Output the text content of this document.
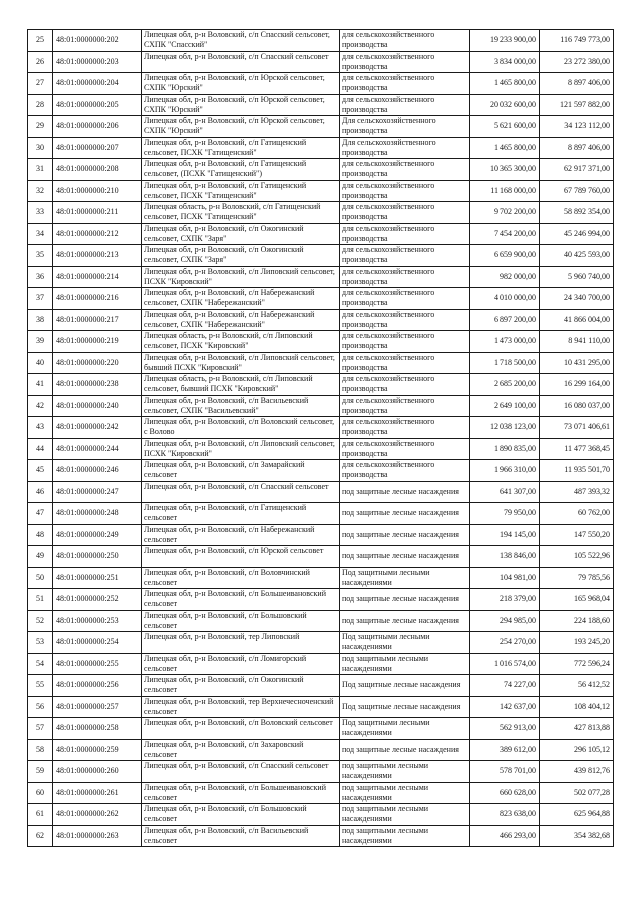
25	48:01:0000000:202	Липецкая обл, р-н Воловский, с/п Спасский сельсовет, СХПК "Спасский"	для сельскохозяйственного производства	19 233 900,00	116 749 773,00
26	48:01:0000000:203	Липецкая обл, р-н Воловский, с/п Спасский сельсовет	для сельскохозяйственного производства	3 834 000,00	23 272 380,00
27	48:01:0000000:204	Липецкая обл, р-н Воловский, с/п Юрской сельсовет, СХПК "Юрский"	для сельскохозяйственного производства	1 465 800,00	8 897 406,00
28	48:01:0000000:205	Липецкая обл, р-н Воловский, с/п Юрской сельсовет, СХПК "Юрский"	для сельскохозяйственного производства	20 032 600,00	121 597 882,00
29	48:01:0000000:206	Липецкая обл, р-н Воловский, с/п Юрской сельсовет, СХПК "Юрский"	Для сельскохозяйственного производства	5 621 600,00	34 123 112,00
30	48:01:0000000:207	Липецкая обл, р-н Воловский, с/п Гатищенский сельсовет, ПСХК "Гатищенский"	Для сельскохозяйственного производства	1 465 800,00	8 897 406,00
31	48:01:0000000:208	Липецкая обл, р-н Воловский, с/п Гатищенский сельсовет, (ПСХК "Гатищенский")	для сельскохозяйственного производства	10 365 300,00	62 917 371,00
32	48:01:0000000:210	Липецкая обл, р-н Воловский, с/п Гатищенский сельсовет, ПСХК "Гатищенский"	для сельскохозяйственного производства	11 168 000,00	67 789 760,00
33	48:01:0000000:211	Липецкая область, р-н Воловский, с/п Гатищенский сельсовет, ПСХК "Гатищенский"	для сельскохозяйственного производства	9 702 200,00	58 892 354,00
34	48:01:0000000:212	Липецкая обл, р-н Воловский, с/п Ожогинский сельсовет, СХПК "Заря"	для сельскохозяйственного производства	7 454 200,00	45 246 994,00
35	48:01:0000000:213	Липецкая обл, р-н Воловский, с/п Ожогинский сельсовет, СХПК "Заря"	для сельскохозяйственного производства	6 659 900,00	40 425 593,00
36	48:01:0000000:214	Липецкая обл, р-н Воловский, с/п Липовский сельсовет, ПСХК "Кировский"	для сельскохозяйственного производства	982 000,00	5 960 740,00
37	48:01:0000000:216	Липецкая обл, р-н Воловский, с/п Набережанский сельсовет, СХПК "Набережанский"	для сельскохозяйственного производства	4 010 000,00	24 340 700,00
38	48:01:0000000:217	Липецкая обл, р-н Воловский, с/п Набережанский сельсовет, СХПК "Набережанский"	для сельскохозяйственного производства	6 897 200,00	41 866 004,00
39	48:01:0000000:219	Липецкая область, р-н Воловский, с/п Липовский сельсовет, ПСХК "Кировский"	для сельскохозяйственного производства	1 473 000,00	8 941 110,00
40	48:01:0000000:220	Липецкая обл, р-н Воловский, с/п Липовский сельсовет, бывший ПСХК "Кировский"	для сельскохозяйственного производства	1 718 500,00	10 431 295,00
41	48:01:0000000:238	Липецкая область, р-н Воловский, с/п Липовский сельсовет, бывший ПСХК "Кировский"	для сельскохозяйственного производства	2 685 200,00	16 299 164,00
42	48:01:0000000:240	Липецкая обл, р-н Воловский, с/п Васильевский сельсовет, СХПК "Васильевский"	для сельскохозяйственного производства	2 649 100,00	16 080 037,00
43	48:01:0000000:242	Липецкая обл, р-н Воловский, с/п Воловский сельсовет, с Волово	для сельскохозяйственного производства	12 038 123,00	73 071 406,61
44	48:01:0000000:244	Липецкая обл, р-н Воловский, с/п Липовский сельсовет, ПСХК "Кировский"	для сельскохозяйственного производства	1 890 835,00	11 477 368,45
45	48:01:0000000:246	Липецкая обл, р-н Воловский, с/п Замарайский сельсовет	для сельскохозяйственного производства	1 966 310,00	11 935 501,70
46	48:01:0000000:247	Липецкая обл, р-н Воловский, с/п Спасский сельсовет	под защитные лесные насаждения	641 307,00	487 393,32
47	48:01:0000000:248	Липецкая обл, р-н Воловский, с/п Гатищенский сельсовет	под защитные лесные насаждения	79 950,00	60 762,00
48	48:01:0000000:249	Липецкая обл, р-н Воловский, с/п Набережанский сельсовет	под защитные лесные насаждения	194 145,00	147 550,20
49	48:01:0000000:250	Липецкая обл, р-н Воловский, с/п Юрской сельсовет	под защитные лесные насаждения	138 846,00	105 522,96
50	48:01:0000000:251	Липецкая обл, р-н Воловский, с/п Воловчинский сельсовет	Под защитными лесными насаждениями	104 981,00	79 785,56
51	48:01:0000000:252	Липецкая обл, р-н Воловский, с/п Большеивановский сельсовет	под защитные лесные насаждения	218 379,00	165 968,04
52	48:01:0000000:253	Липецкая обл, р-н Воловский, с/п Большовский сельсовет	под защитные лесные насаждения	294 985,00	224 188,60
53	48:01:0000000:254	Липецкая обл, р-н Воловский, тер Липовский	Под защитными лесными насаждениями	254 270,00	193 245,20
54	48:01:0000000:255	Липецкая обл, р-н Воловский, с/п Ломигорский сельсовет	под защитными лесными насаждениями	1 016 574,00	772 596,24
55	48:01:0000000:256	Липецкая обл, р-н Воловский, с/п Ожогинский сельсовет	Под защитные лесные насаждения	74 227,00	56 412,52
56	48:01:0000000:257	Липецкая обл, р-н Воловский, тер Верхнечесноченский сельсовет	Под защитные лесные насаждения	142 637,00	108 404,12
57	48:01:0000000:258	Липецкая обл, р-н Воловский, с/п Воловский сельсовет	Под защитными лесными насаждениями	562 913,00	427 813,88
58	48:01:0000000:259	Липецкая обл, р-н Воловский, с/п Захаровский сельсовет	под защитные лесные насаждения	389 612,00	296 105,12
59	48:01:0000000:260	Липецкая обл, р-н Воловский, с/п Спасский сельсовет	под защитными лесными насаждениями	578 701,00	439 812,76
60	48:01:0000000:261	Липецкая обл, р-н Воловский, с/п Большеивановский сельсовет	под защитными лесными насаждениями	660 628,00	502 077,28
61	48:01:0000000:262	Липецкая обл, р-н Воловский, с/п Большовский сельсовет	под защитными лесными насаждениями	823 638,00	625 964,88
62	48:01:0000000:263	Липецкая обл, р-н Воловский, с/п Васильевский сельсовет	под защитными лесными насаждениями	466 293,00	354 382,68
